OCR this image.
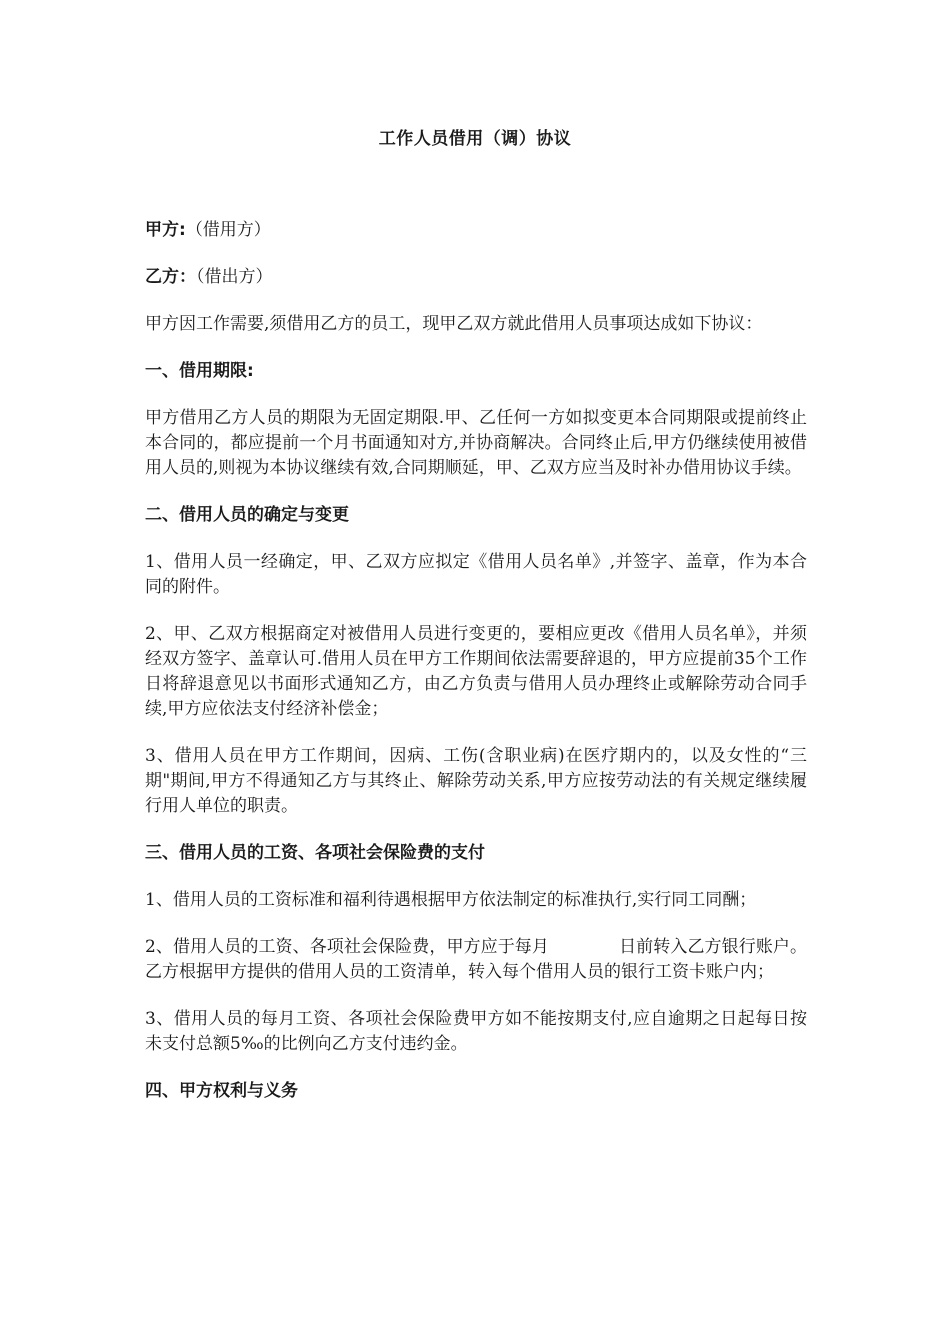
工作人员借用（调）协议

甲方:（借用方）

乙方：（借出方）

甲方因工作需要,须借用乙方的员工，现甲乙双方就此借用人员事项达成如下协议：

一、借用期限:

甲方借用乙方人员的期限为无固定期限.甲、乙任何一方如拟变更本合同期限或提前终止本合同的，都应提前一个月书面通知对方,并协商解决。合同终止后,甲方仍继续使用被借用人员的,则视为本协议继续有效,合同期顺延，甲、乙双方应当及时补办借用协议手续。

二、借用人员的确定与变更

1、借用人员一经确定，甲、乙双方应拟定《借用人员名单》,并签字、盖章，作为本合同的附件。

2、甲、乙双方根据商定对被借用人员进行变更的，要相应更改《借用人员名单》，并须经双方签字、盖章认可.借用人员在甲方工作期间依法需要辞退的，甲方应提前35个工作日将辞退意见以书面形式通知乙方，由乙方负责与借用人员办理终止或解除劳动合同手续,甲方应依法支付经济补偿金；

3、借用人员在甲方工作期间，因病、工伤(含职业病)在医疗期内的，以及女性的“三期"期间,甲方不得通知乙方与其终止、解除劳动关系,甲方应按劳动法的有关规定继续履行用人单位的职责。

三、借用人员的工资、各项社会保险费的支付

1、借用人员的工资标准和福利待遇根据甲方依法制定的标准执行,实行同工同酬；

2、借用人员的工资、各项社会保险费，甲方应于每月	日前转入乙方银行账户。乙方根据甲方提供的借用人员的工资清单，转入每个借用人员的银行工资卡账户内；

3、借用人员的每月工资、各项社会保险费甲方如不能按期支付,应自逾期之日起每日按未支付总额5‰的比例向乙方支付违约金。

四、甲方权利与义务
